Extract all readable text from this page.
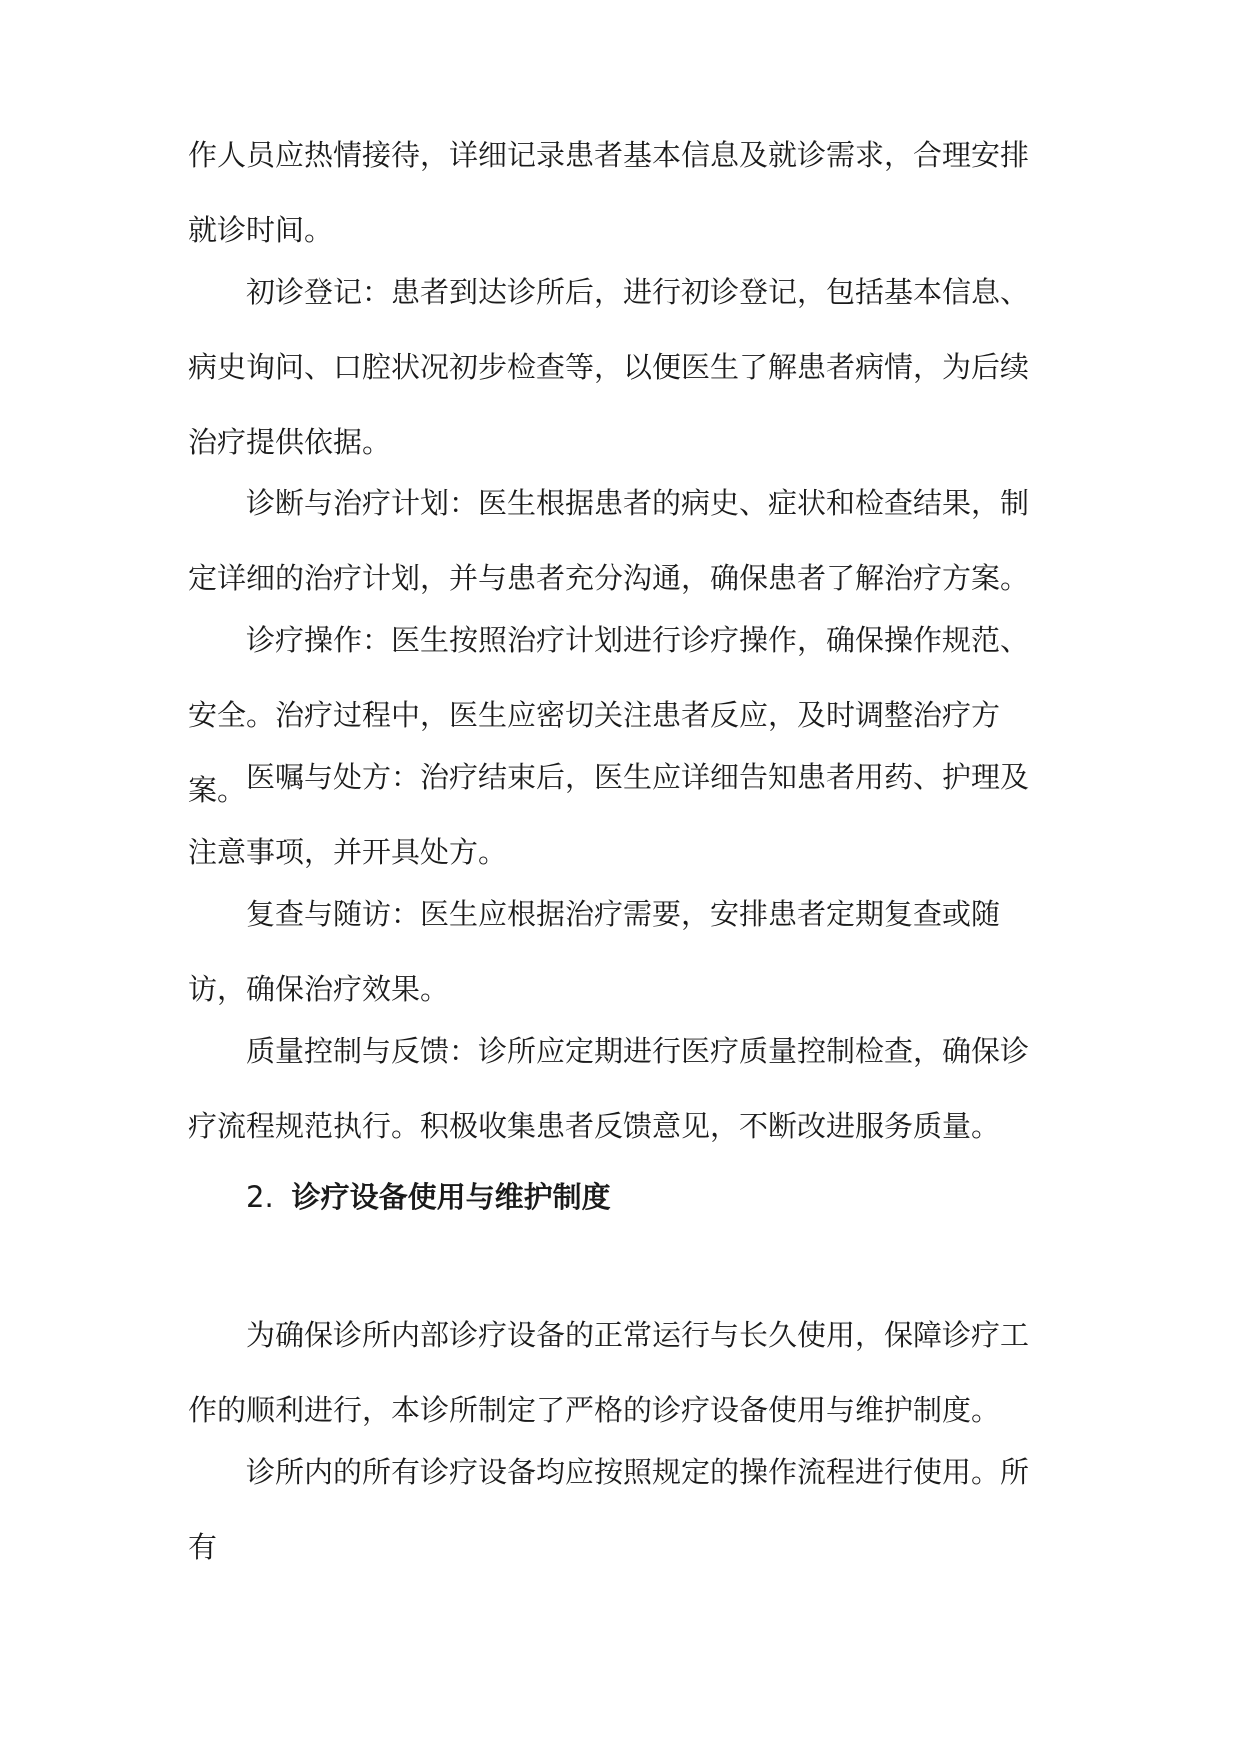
作人员应热情接待，详细记录患者基本信息及就诊需求，合理安排就诊时间。

初诊登记：患者到达诊所后，进行初诊登记，包括基本信息、病史询问、口腔状况初步检查等，以便医生了解患者病情，为后续治疗提供依据。

诊断与治疗计划：医生根据患者的病史、症状和检查结果，制定详细的治疗计划，并与患者充分沟通，确保患者了解治疗方案。

诊疗操作：医生按照治疗计划进行诊疗操作，确保操作规范、安全。治疗过程中，医生应密切关注患者反应，及时调整治疗方案。 医嘱与处方：治疗结束后，医生应详细告知患者用药、护理及注意事项，并开具处方。

复查与随访：医生应根据治疗需要，安排患者定期复查或随访，确保治疗效果。

质量控制与反馈：诊所应定期进行医疗质量控制检查，确保诊疗流程规范执行。积极收集患者反馈意见，不断改进服务质量。

2. 诊疗设备使用与维护制度

为确保诊所内部诊疗设备的正常运行与长久使用，保障诊疗工作的顺利进行，本诊所制定了严格的诊疗设备使用与维护制度。

诊所内的所有诊疗设备均应按照规定的操作流程进行使用。所有
